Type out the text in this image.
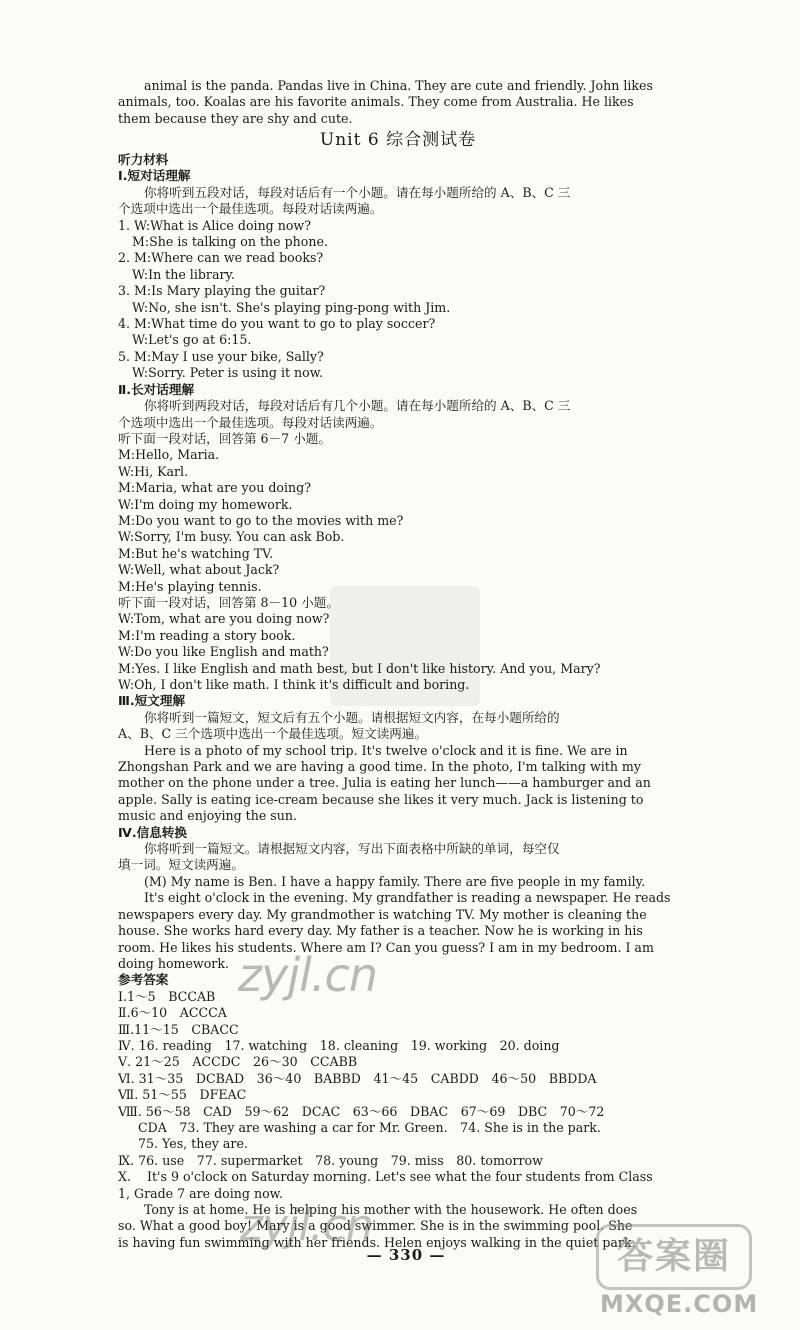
animal is the panda. Pandas live in China. They are cute and friendly. John likes
animals, too. Koalas are his favorite animals. They come from Australia. He likes
them because they are shy and cute.
Unit 6 综合测试卷
听力材料
Ⅰ.短对话理解
你将听到五段对话，每段对话后有一个小题。请在每小题所给的 A、B、C 三
个选项中选出一个最佳选项。每段对话读两遍。
1. W:What is Alice doing now?
M:She is talking on the phone.
2. M:Where can we read books?
W:In the library.
3. M:Is Mary playing the guitar?
W:No, she isn't. She's playing ping-pong with Jim.
4. M:What time do you want to go to play soccer?
W:Let's go at 6:15.
5. M:May I use your bike, Sally?
W:Sorry. Peter is using it now.
Ⅱ.长对话理解
你将听到两段对话，每段对话后有几个小题。请在每小题所给的 A、B、C 三
个选项中选出一个最佳选项。每段对话读两遍。
听下面一段对话，回答第 6－7 小题。
M:Hello, Maria.
W:Hi, Karl.
M:Maria, what are you doing?
W:I'm doing my homework.
M:Do you want to go to the movies with me?
W:Sorry, I'm busy. You can ask Bob.
M:But he's watching TV.
W:Well, what about Jack?
M:He's playing tennis.
听下面一段对话，回答第 8－10 小题。
W:Tom, what are you doing now?
M:I'm reading a story book.
W:Do you like English and math?
M:Yes. I like English and math best, but I don't like history. And you, Mary?
W:Oh, I don't like math. I think it's difficult and boring.
Ⅲ.短文理解
你将听到一篇短文，短文后有五个小题。请根据短文内容，在每小题所给的
A、B、C 三个选项中选出一个最佳选项。短文读两遍。
Here is a photo of my school trip. It's twelve o'clock and it is fine. We are in
Zhongshan Park and we are having a good time. In the photo, I'm talking with my
mother on the phone under a tree. Julia is eating her lunch——a hamburger and an
apple. Sally is eating ice-cream because she likes it very much. Jack is listening to
music and enjoying the sun.
Ⅳ.信息转换
你将听到一篇短文。请根据短文内容，写出下面表格中所缺的单词，每空仅
填一词。短文读两遍。
(M) My name is Ben. I have a happy family. There are five people in my family.
It's eight o'clock in the evening. My grandfather is reading a newspaper. He reads
newspapers every day. My grandmother is watching TV. My mother is cleaning the
house. She works hard every day. My father is a teacher. Now he is working in his
room. He likes his students. Where am I? Can you guess? I am in my bedroom. I am
doing homework.
参考答案
Ⅰ.1～5　BCCAB
Ⅱ.6～10　ACCCA
Ⅲ.11～15　CBACC
Ⅳ. 16. reading　17. watching　18. cleaning　19. working　20. doing
Ⅴ. 21～25　ACCDC　26～30　CCABB
Ⅵ. 31～35　DCBAD　36～40　BABBD　41～45　CABDD　46～50　BBDDA
Ⅶ. 51～55　DFEAC
Ⅷ. 56～58　CAD　59～62　DCAC　63～66　DBAC　67～69　DBC　70～72
CDA　73. They are washing a car for Mr. Green.　74. She is in the park.
75. Yes, they are.
Ⅸ. 76. use　77. supermarket　78. young　79. miss　80. tomorrow
Ⅹ. It's 9 o'clock on Saturday morning. Let's see what the four students from Class
1, Grade 7 are doing now.
Tony is at home. He is helping his mother with the housework. He often does
so. What a good boy! Mary is a good swimmer. She is in the swimming pool. She
is having fun swimming with her friends. Helen enjoys walking in the quiet park.
zyjl.cn
zyjl.cn
— 330 —	答案圈
MXQE.COM
